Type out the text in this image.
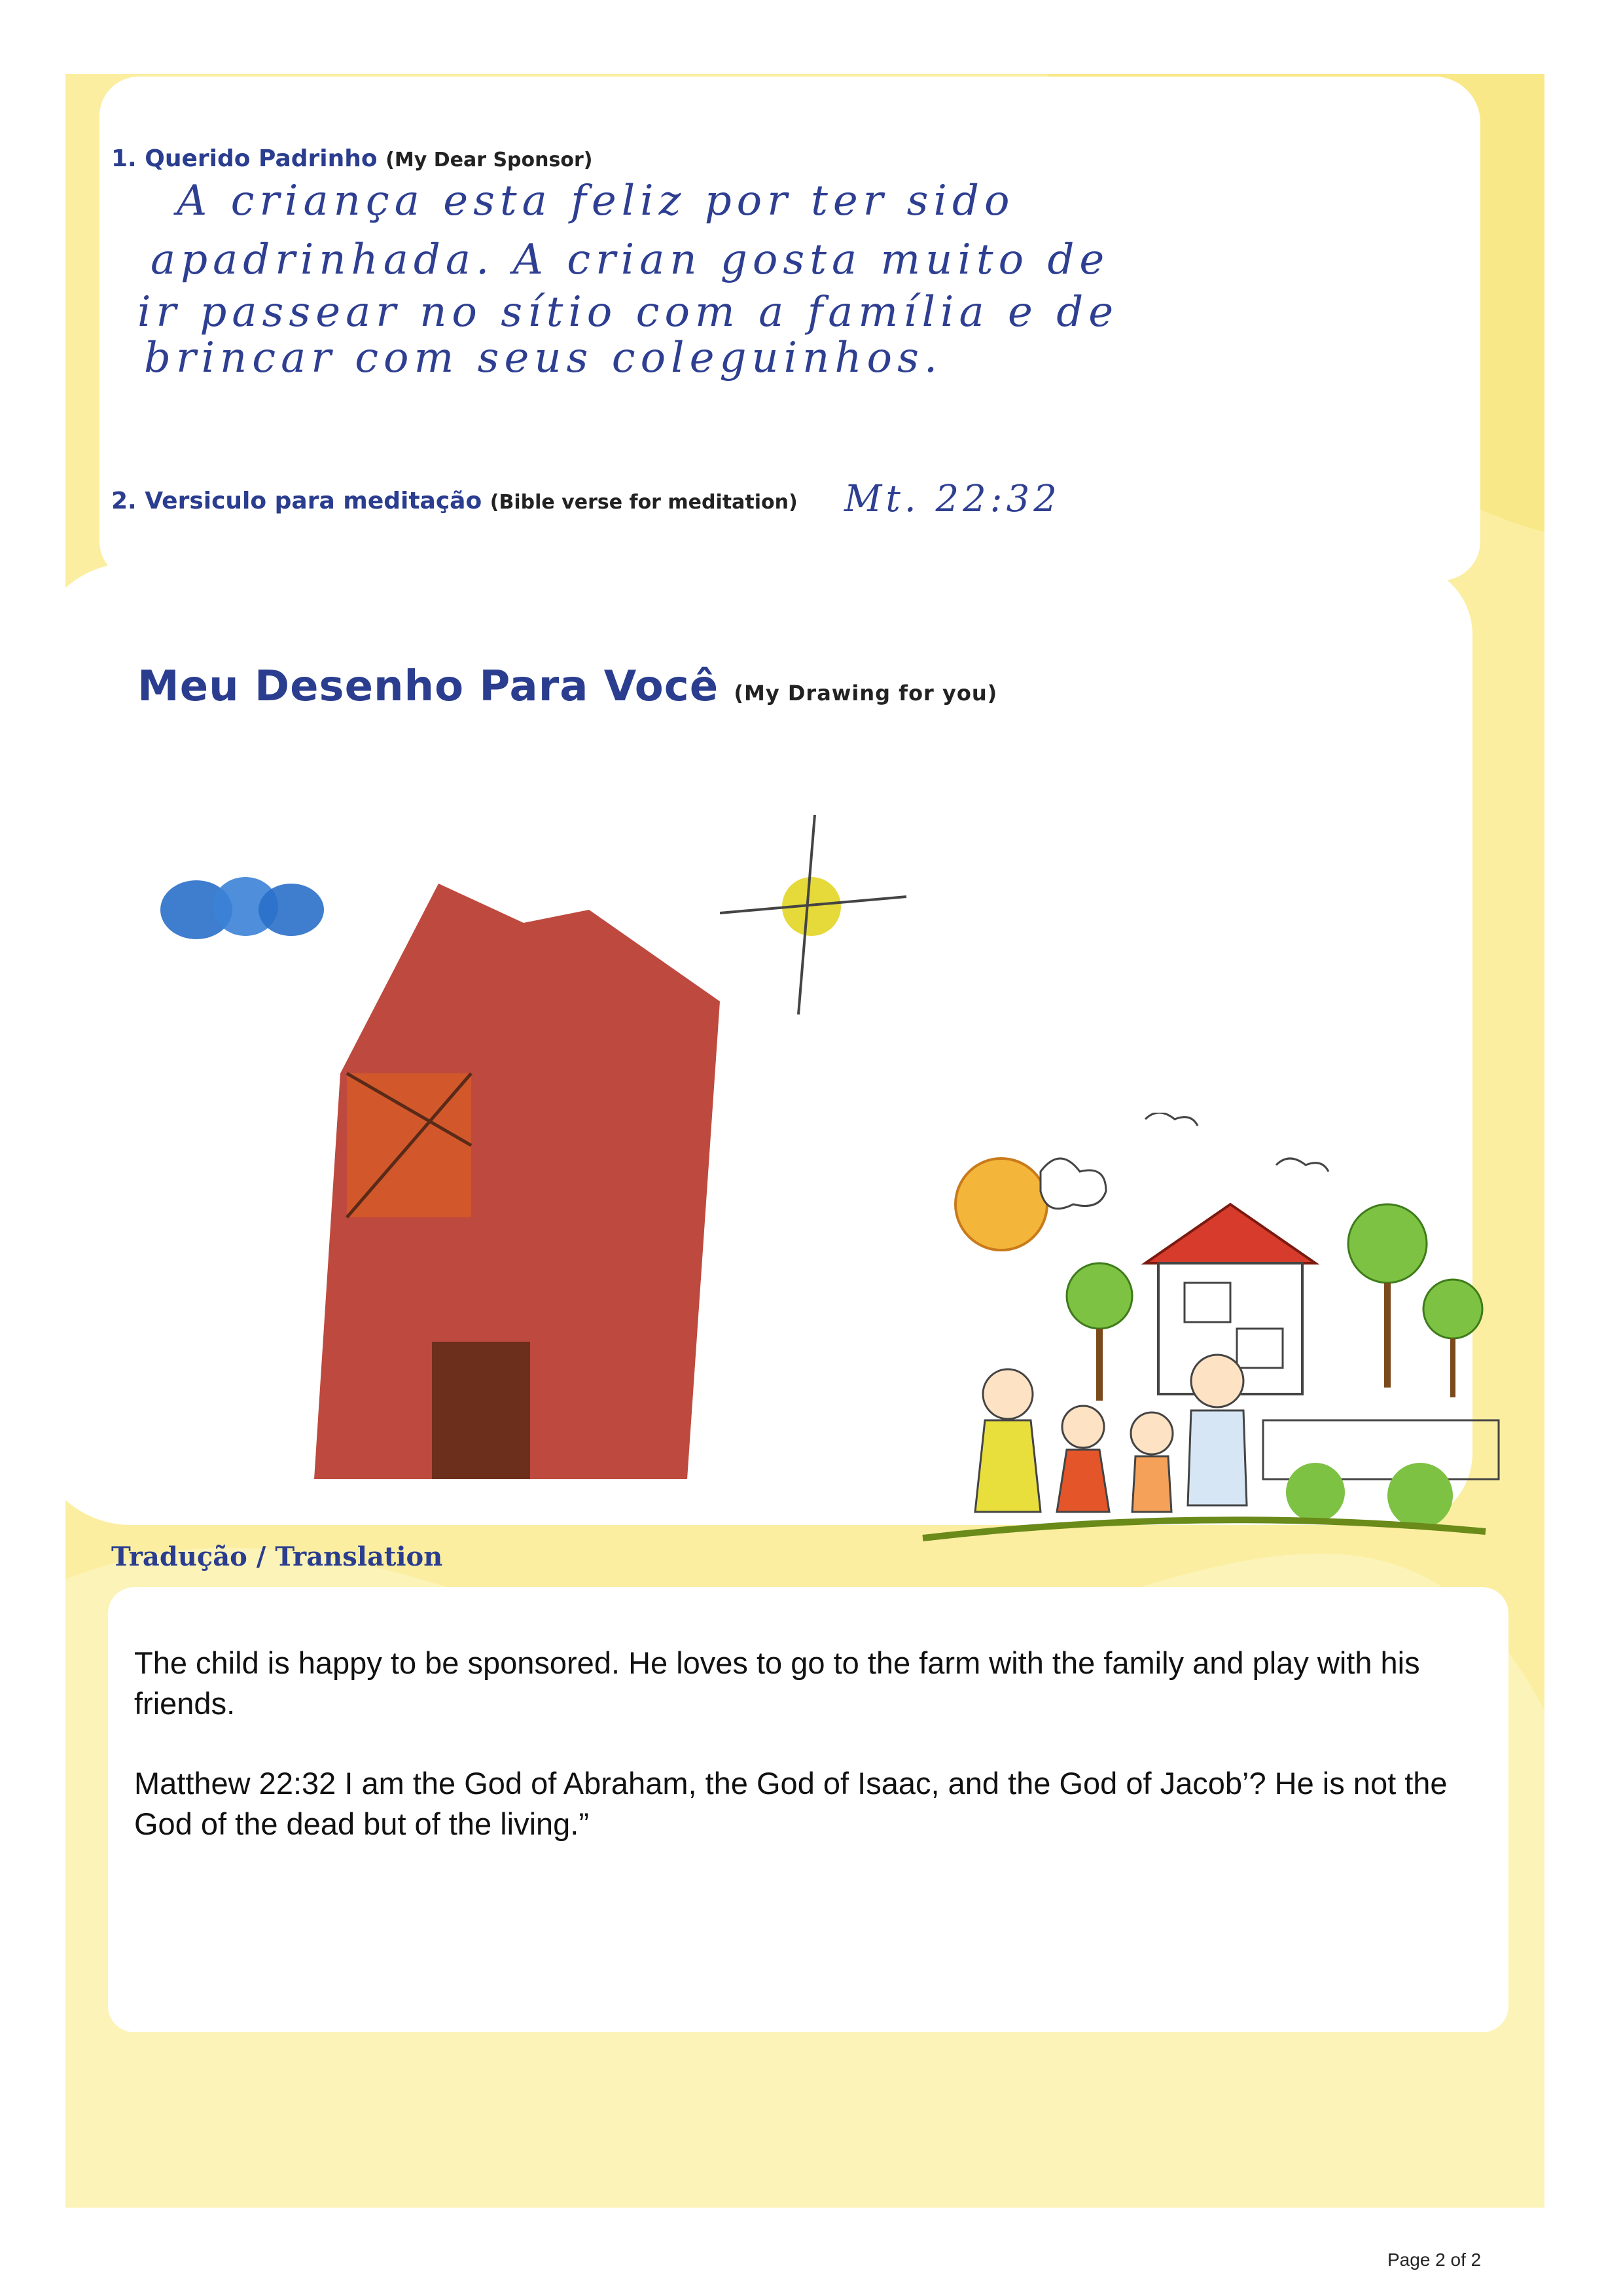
1. Querido Padrinho (My Dear Sponsor)
A criança esta feliz por ter sido
apadrinhada. A crian gosta muito de
ir passear no sítio com a família e de
brincar com seus coleguinhos.
2. Versiculo para meditação (Bible verse for meditation) Mt. 22:32
Meu Desenho Para Você (My Drawing for you)
Tradução / Translation

The child is happy to be sponsored. He loves to go to the farm with the family and play with his friends.

Matthew 22:32 I am the God of Abraham, the God of Isaac, and the God of Jacob’? He is not the God of the dead but of the living.”

Page 2 of 2
